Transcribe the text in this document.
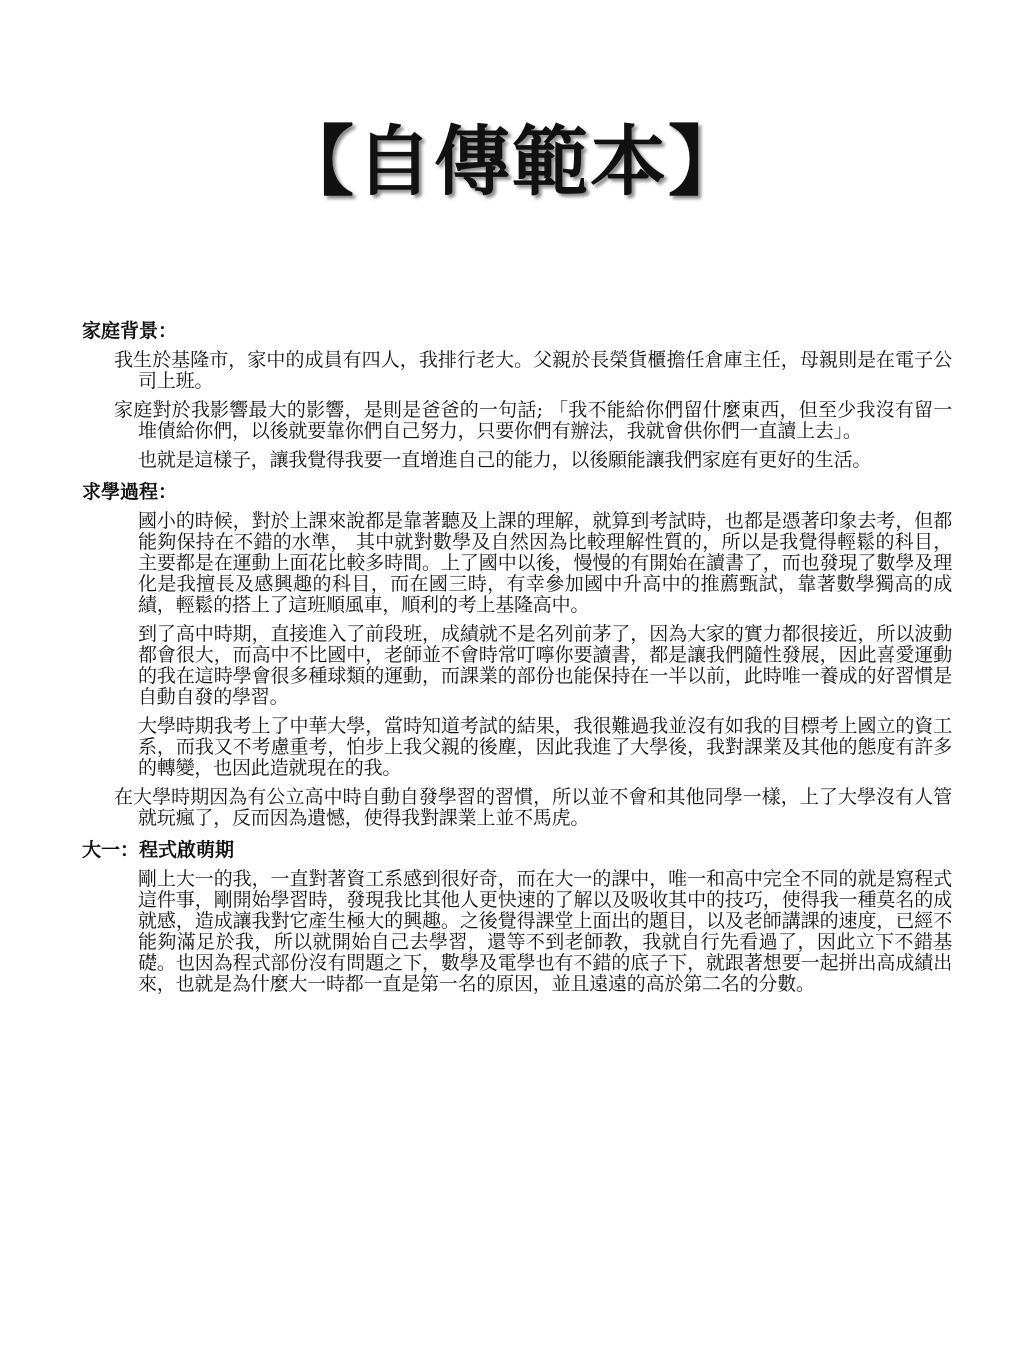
【自傳範本】
家庭背景：

我生於基隆市，家中的成員有四人，我排行老大。父親於長榮貨櫃擔任倉庫主任，母親則是在電子公司上班。

家庭對於我影響最大的影響，是則是爸爸的一句話; 「我不能給你們留什麼東西，但至少我沒有留一堆債給你們，以後就要靠你們自己努力，只要你們有辦法，我就會供你們一直讀上去」。

也就是這樣子，讓我覺得我要一直增進自己的能力，以後願能讓我們家庭有更好的生活。

求學過程：

國小的時候，對於上課來說都是靠著聽及上課的理解，就算到考試時，也都是憑著印象去考，但都能夠保持在不錯的水準， 其中就對數學及自然因為比較理解性質的，所以是我覺得輕鬆的科目，主要都是在運動上面花比較多時間。上了國中以後，慢慢的有開始在讀書了，而也發現了數學及理化是我擅長及感興趣的科目，而在國三時，有幸參加國中升高中的推薦甄試，靠著數學獨高的成績，輕鬆的搭上了這班順風車，順利的考上基隆高中。

到了高中時期，直接進入了前段班，成績就不是名列前茅了，因為大家的實力都很接近，所以波動都會很大，而高中不比國中，老師並不會時常叮嚀你要讀書，都是讓我們隨性發展，因此喜愛運動的我在這時學會很多種球類的運動，而課業的部份也能保持在一半以前，此時唯一養成的好習慣是自動自發的學習。

大學時期我考上了中華大學，當時知道考試的結果，我很難過我並沒有如我的目標考上國立的資工系，而我又不考慮重考，怕步上我父親的後塵，因此我進了大學後，我對課業及其他的態度有許多的轉變，也因此造就現在的我。

在大學時期因為有公立高中時自動自發學習的習慣，所以並不會和其他同學一樣，上了大學沒有人管就玩瘋了，反而因為遺憾，使得我對課業上並不馬虎。

大一：程式啟萌期

剛上大一的我，一直對著資工系感到很好奇，而在大一的課中，唯一和高中完全不同的就是寫程式這件事，剛開始學習時，發現我比其他人更快速的了解以及吸收其中的技巧，使得我一種莫名的成就感，造成讓我對它產生極大的興趣。之後覺得課堂上面出的題目，以及老師講課的速度，已經不能夠滿足於我，所以就開始自己去學習，還等不到老師教，我就自行先看過了，因此立下不錯基礎。也因為程式部份沒有問題之下，數學及電學也有不錯的底子下，就跟著想要一起拼出高成績出來，也就是為什麼大一時都一直是第一名的原因，並且遠遠的高於第二名的分數。
